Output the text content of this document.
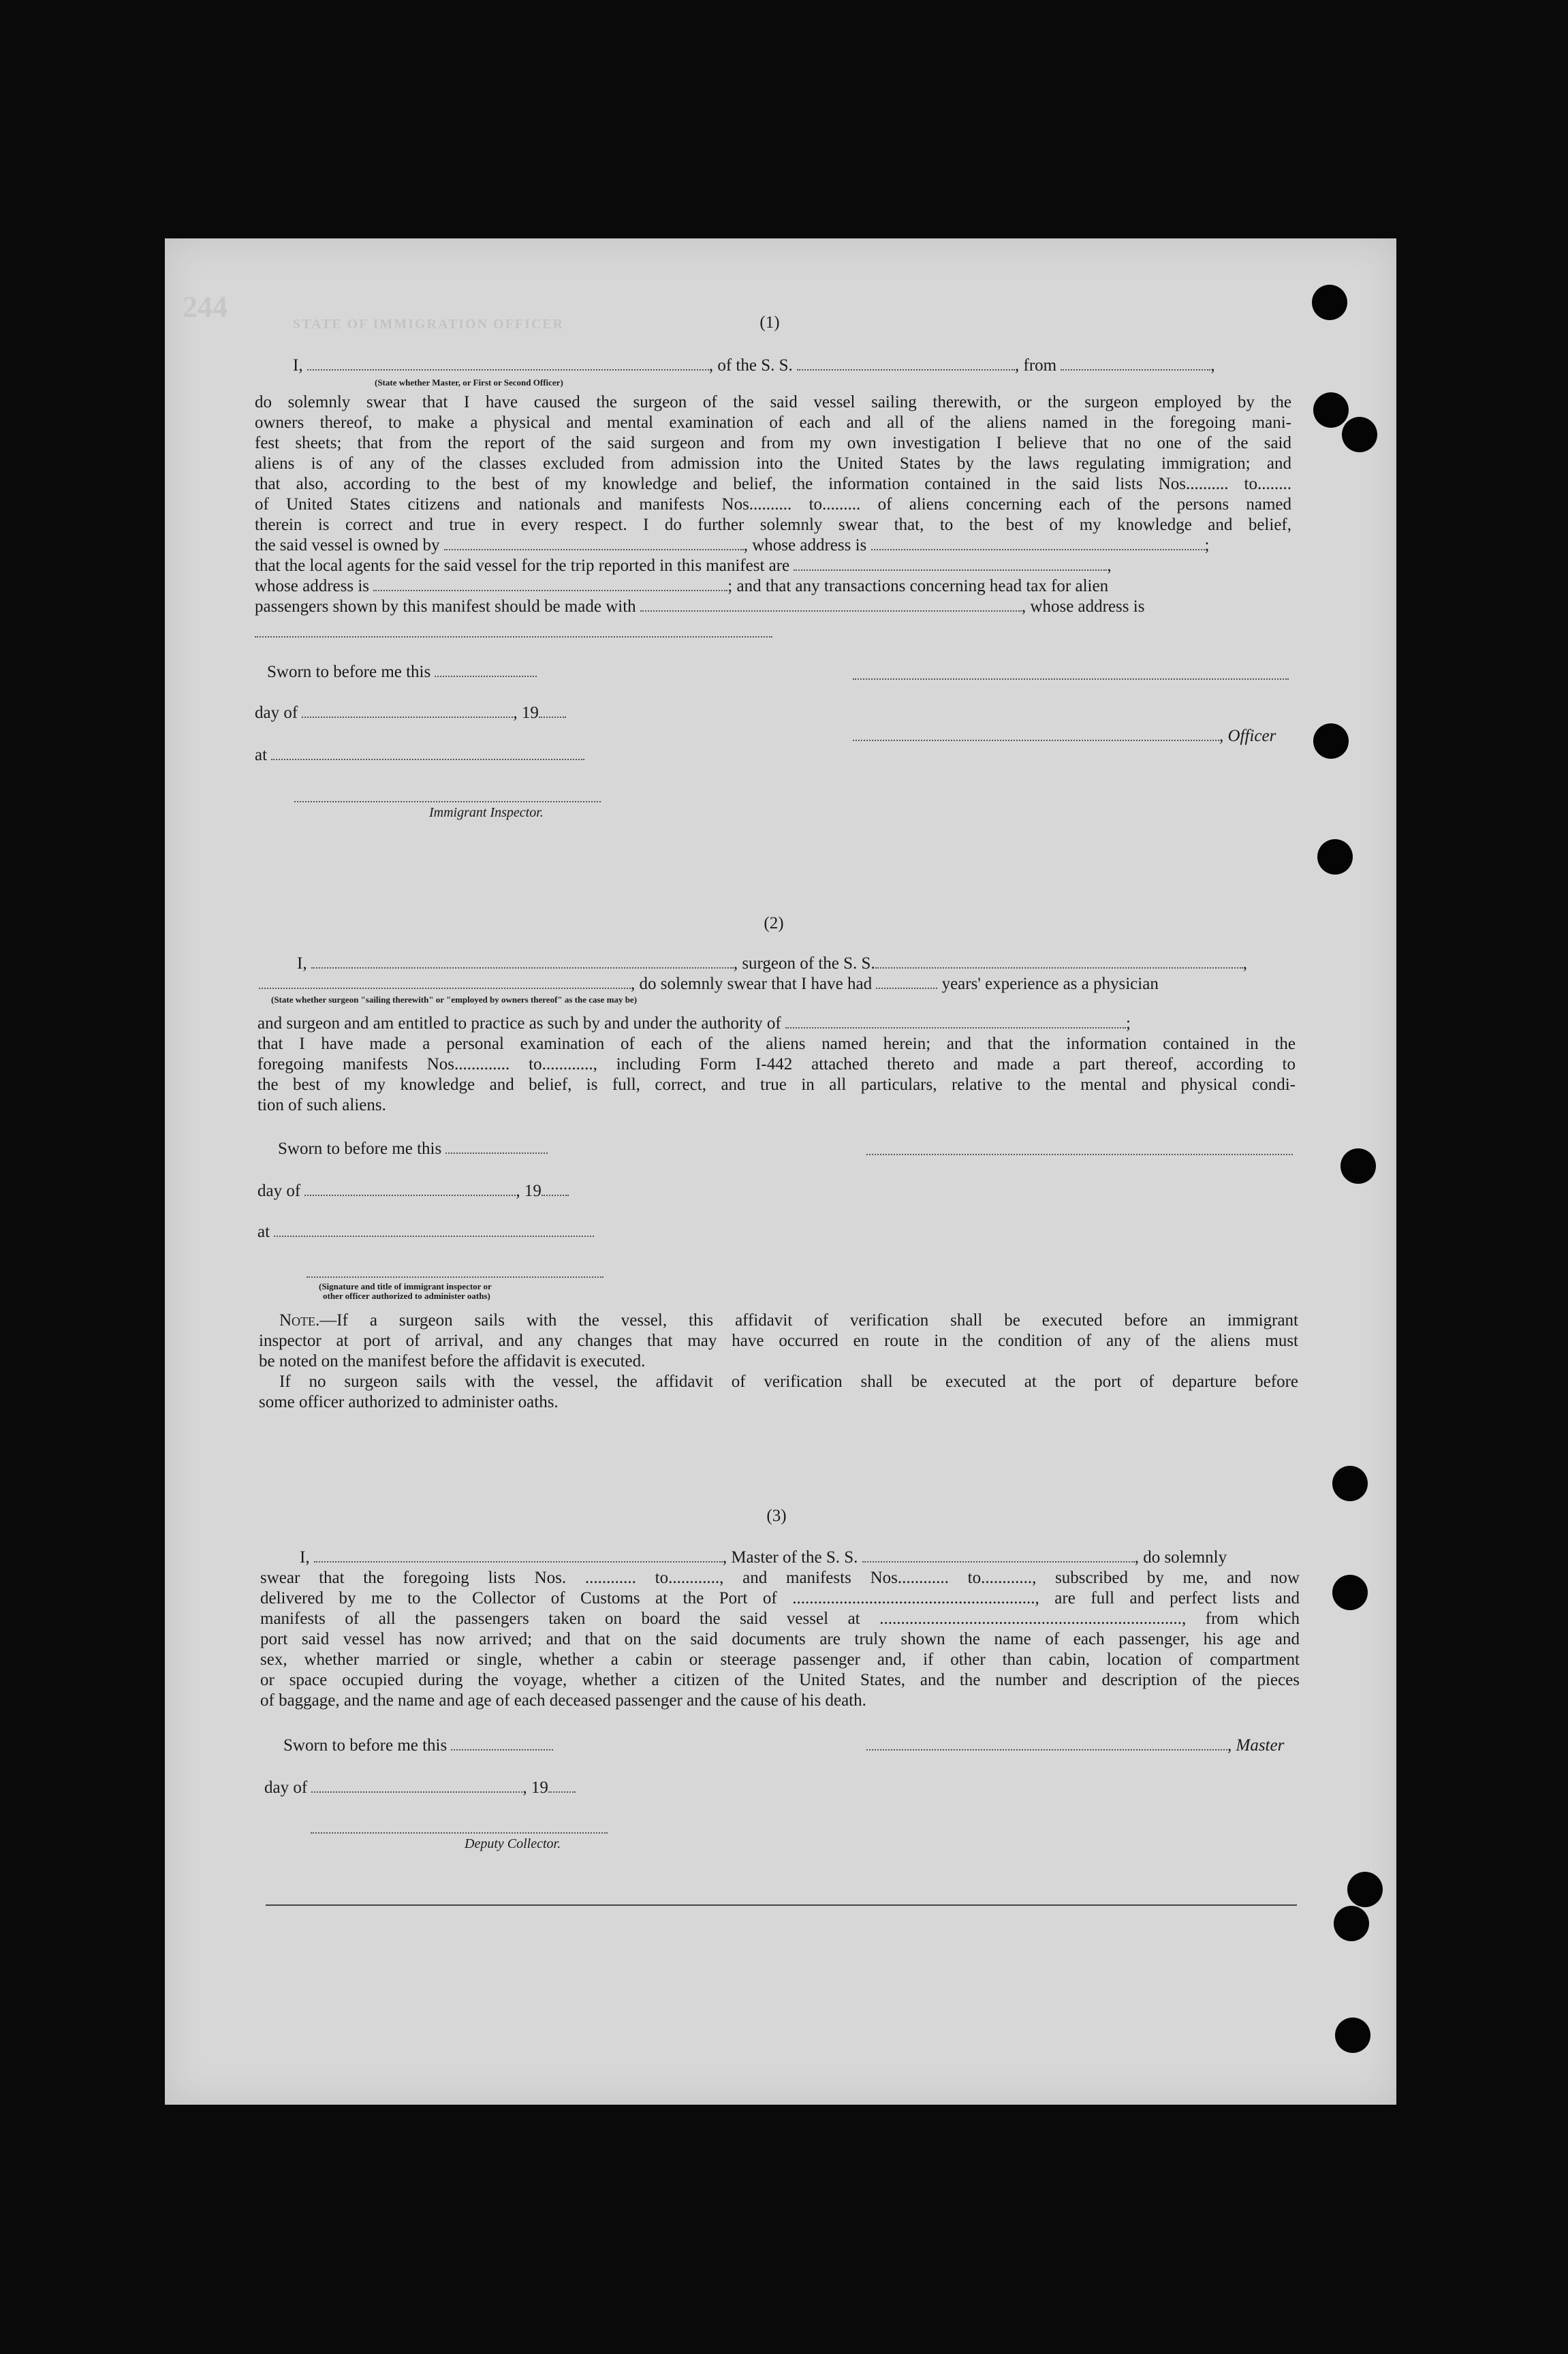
244
STATE OF IMMIGRATION OFFICER	(1)
I,	, of the S. S.	, from	,
(State whether Master, or First or Second Officer)
do solemnly swear that I have caused the surgeon of the said vessel sailing therewith, or the surgeon employed by the
owners thereof, to make a physical and mental examination of each and all of the aliens named in the foregoing mani-
fest sheets; that from the report of the said surgeon and from my own investigation I believe that no one of the said
aliens is of any of the classes excluded from admission into the United States by the laws regulating immigration; and
that also, according to the best of my knowledge and belief, the information contained in the said lists Nos.......... to........
of United States citizens and nationals and manifests Nos.......... to......... of aliens concerning each of the persons named
therein is correct and true in every respect. I do further solemnly swear that, to the best of my knowledge and belief,
the said vessel is owned by	, whose address is	;
that the local agents for the said vessel for the trip reported in this manifest are	,
whose address is	; and that any transactions concerning head tax for alien
passengers shown by this manifest should be made with	, whose address is
Sworn to before me this
day of	, 19
, Officer
at
Immigrant Inspector.
(2)
I,	, surgeon of the S. S.	,
, do solemnly swear that I have had	years' experience as a physician
(State whether surgeon "sailing therewith" or "employed by owners thereof" as the case may be)
and surgeon and am entitled to practice as such by and under the authority of	;
that I have made a personal examination of each of the aliens named herein; and that the information contained in the
foregoing manifests Nos............. to............, including Form I-442 attached thereto and made a part thereof, according to
the best of my knowledge and belief, is full, correct, and true in all particulars, relative to the mental and physical condi-
tion of such aliens.
Sworn to before me this
day of	, 19
at
(Signature and title of immigrant inspector or
other officer authorized to administer oaths)
Note.—If a surgeon sails with the vessel, this affidavit of verification shall be executed before an immigrant
inspector at port of arrival, and any changes that may have occurred en route in the condition of any of the aliens must
be noted on the manifest before the affidavit is executed.
If no surgeon sails with the vessel, the affidavit of verification shall be executed at the port of departure before
some officer authorized to administer oaths.
(3)
I,	, Master of the S. S.	, do solemnly
swear that the foregoing lists Nos. ............ to............, and manifests Nos............ to............, subscribed by me, and now
delivered by me to the Collector of Customs at the Port of ........................................................., are full and perfect lists and
manifests of all the passengers taken on board the said vessel at ......................................................................., from which
port said vessel has now arrived; and that on the said documents are truly shown the name of each passenger, his age and
sex, whether married or single, whether a cabin or steerage passenger and, if other than cabin, location of compartment
or space occupied during the voyage, whether a citizen of the United States, and the number and description of the pieces
of baggage, and the name and age of each deceased passenger and the cause of his death.
Sworn to before me this	, Master
day of	, 19
Deputy Collector.
